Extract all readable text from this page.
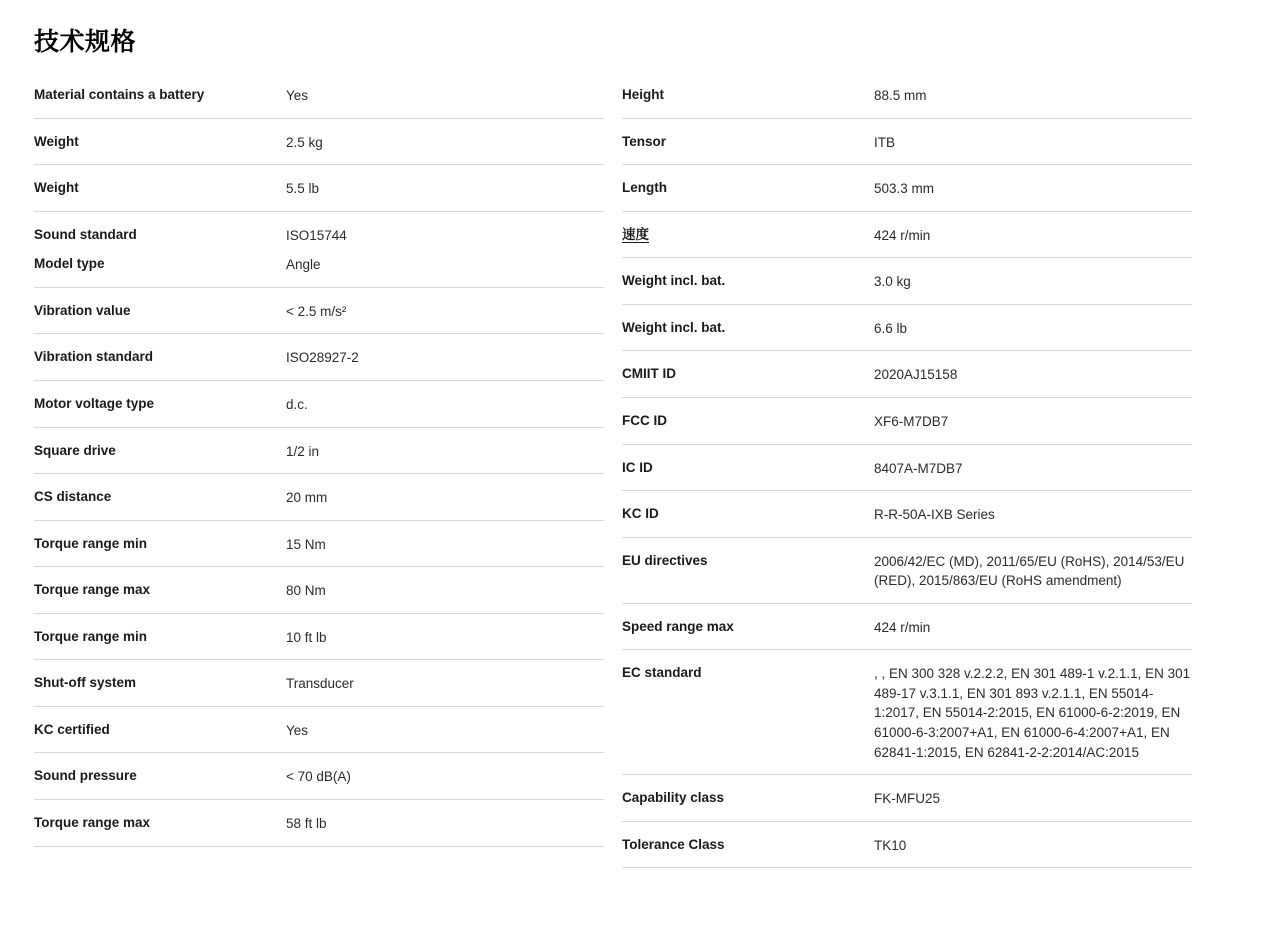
技术规格
Material contains a battery	Yes
Weight	2.5 kg
Weight	5.5 lb
Sound standard	ISO15744
Model type	Angle
Vibration value	< 2.5 m/s²
Vibration standard	ISO28927-2
Motor voltage type	d.c.
Square drive	1/2 in
CS distance	20 mm
Torque range min	15 Nm
Torque range max	80 Nm
Torque range min	10 ft lb
Shut-off system	Transducer
KC certified	Yes
Sound pressure	< 70 dB(A)
Torque range max	58 ft lb
Height	88.5 mm
Tensor	ITB
Length	503.3 mm
速度	424 r/min
Weight incl. bat.	3.0 kg
Weight incl. bat.	6.6 lb
CMIIT ID	2020AJ15158
FCC ID	XF6-M7DB7
IC ID	8407A-M7DB7
KC ID	R-R-50A-IXB Series
EU directives	2006/42/EC (MD), 2011/65/EU (RoHS), 2014/53/EU (RED), 2015/863/EU (RoHS amendment)
Speed range max	424 r/min
EC standard	, , EN 300 328 v.2.2.2, EN 301 489-1 v.2.1.1, EN 301 489-17 v.3.1.1, EN 301 893 v.2.1.1, EN 55014-1:2017, EN 55014-2:2015, EN 61000-6-2:2019, EN 61000-6-3:2007+A1, EN 61000-6-4:2007+A1, EN 62841-1:2015, EN 62841-2-2:2014/AC:2015
Capability class	FK-MFU25
Tolerance Class	TK10
